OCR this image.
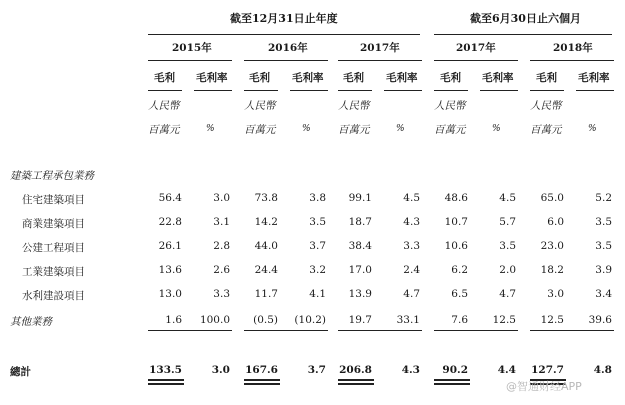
截至12月31日止年度	截至6月30日止六個月
2015年	2016年	2017年	2017年	2018年
毛利 毛利率 毛利 毛利率 毛利 毛利率 毛利 毛利率 毛利 毛利率
人民幣	人民幣	人民幣	人民幣	人民幣
百萬元	%	百萬元	%	百萬元	%	百萬元	%	百萬元	%
建築工程承包業務
住宅建築項目	56.4	3.0	73.8	3.8	99.1	4.5	48.6	4.5	65.0	5.2
商業建築項目	22.8	3.1	14.2	3.5	18.7	4.3	10.7	5.7	6.0	3.5
公建工程項目	26.1	2.8	44.0	3.7	38.4	3.3	10.6	3.5	23.0	3.5
工業建築項目	13.6	2.6	24.4	3.2	17.0	2.4	6.2	2.0	18.2	3.9
水利建設項目	13.0	3.3	11.7	4.1	13.9	4.7	6.5	4.7	3.0	3.4
其他業務	1.6	100.0	(0.5)	(10.2)	19.7	33.1	7.6	12.5	12.5	39.6
總計	133.5	3.0	167.6	3.7	206.8	4.3	90.2	4.4	127.7	4.8
@智通财经APP
